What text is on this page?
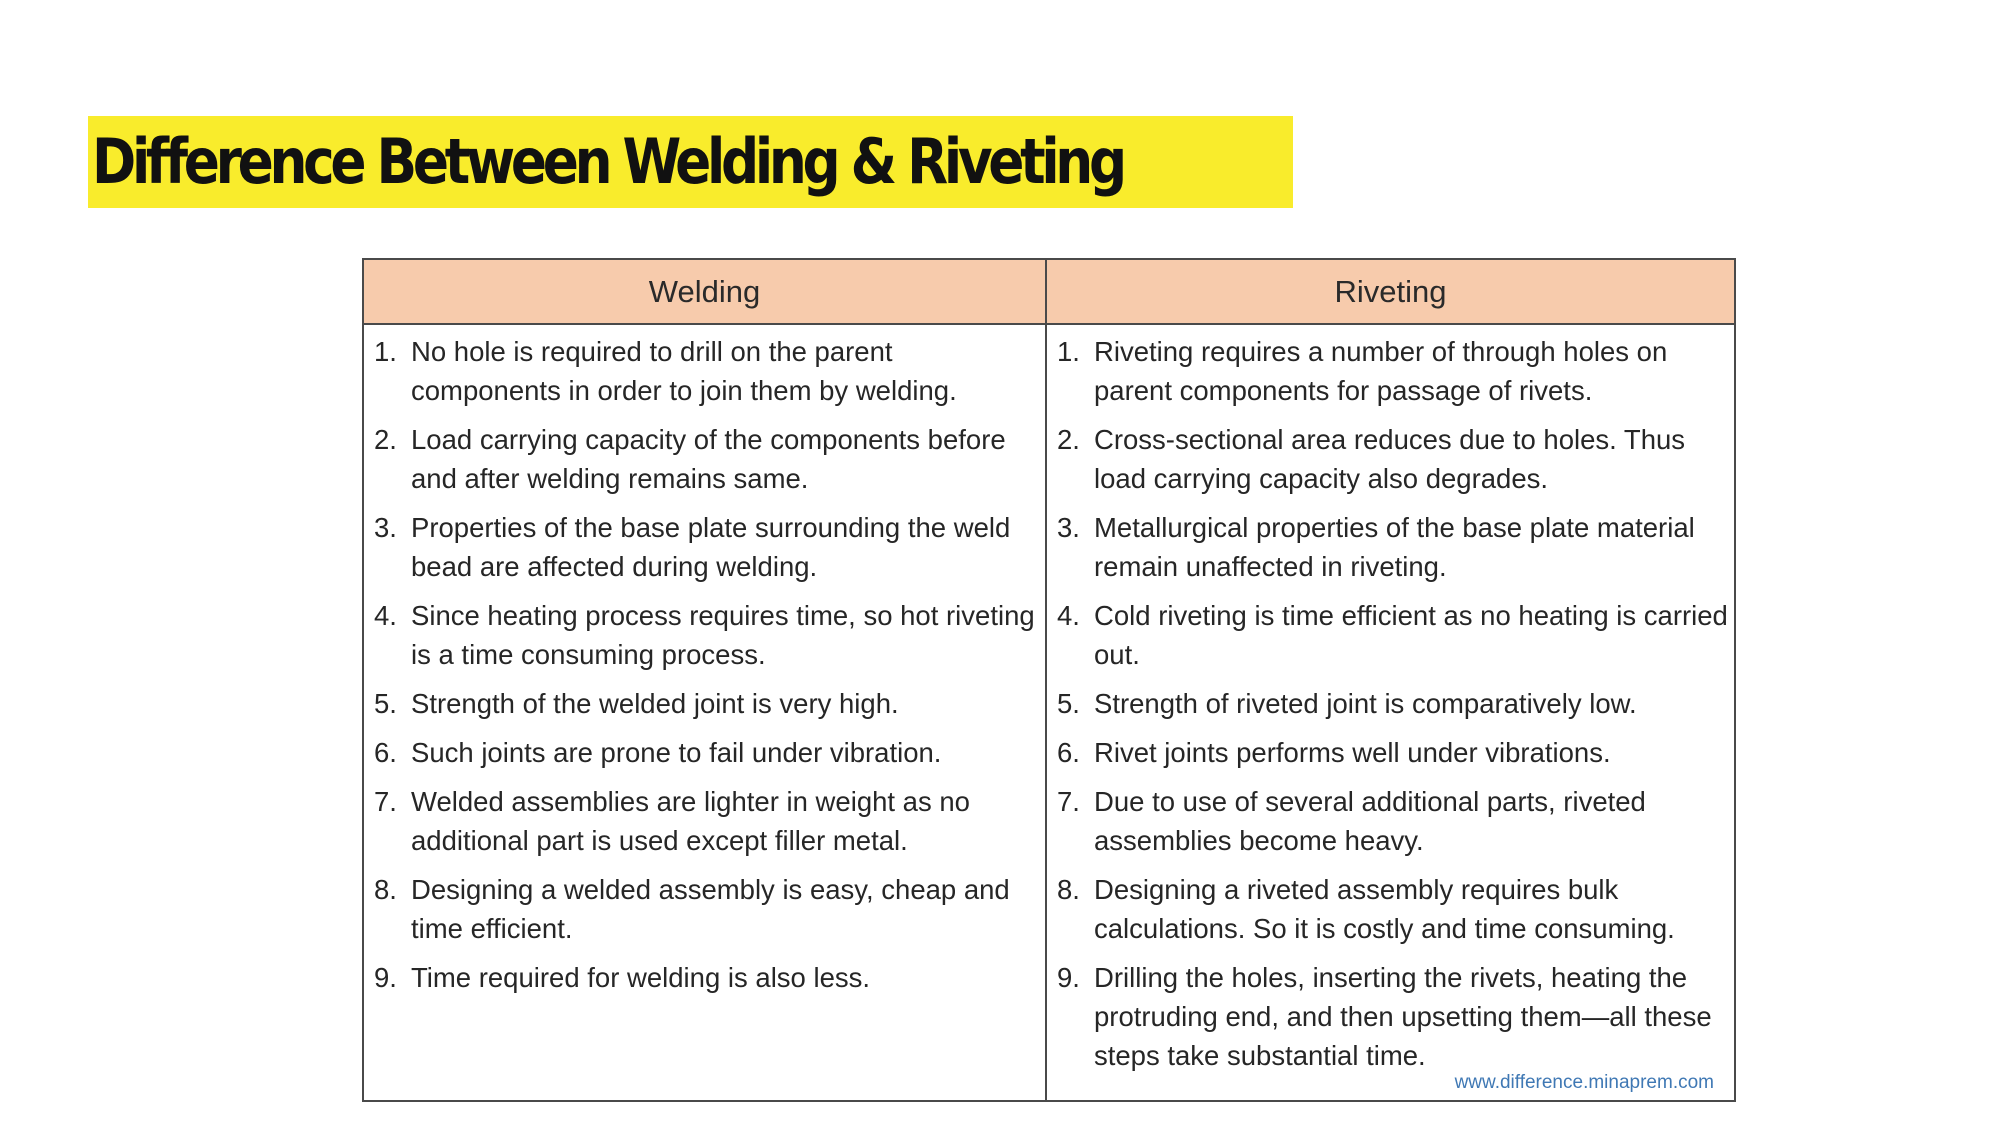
Difference Between Welding & Riveting
Welding	Riveting
1. No hole is required to drill on the parent components in order to join them by welding.
2. Load carrying capacity of the components before and after welding remains same.
3. Properties of the base plate surrounding the weld bead are affected during welding.
4. Since heating process requires time, so hot riveting is a time consuming process.
5. Strength of the welded joint is very high.
6. Such joints are prone to fail under vibration.
7. Welded assemblies are lighter in weight as no additional part is used except filler metal.
8. Designing a welded assembly is easy, cheap and time efficient.
9. Time required for welding is also less.
1. Riveting requires a number of through holes on parent components for passage of rivets.
2. Cross-sectional area reduces due to holes. Thus load carrying capacity also degrades.
3. Metallurgical properties of the base plate material remain unaffected in riveting.
4. Cold riveting is time efficient as no heating is carried out.
5. Strength of riveted joint is comparatively low.
6. Rivet joints performs well under vibrations.
7. Due to use of several additional parts, riveted assemblies become heavy.
8. Designing a riveted assembly requires bulk calculations. So it is costly and time consuming.
9. Drilling the holes, inserting the rivets, heating the protruding end, and then upsetting them—all these steps take substantial time.
www.difference.minaprem.com
